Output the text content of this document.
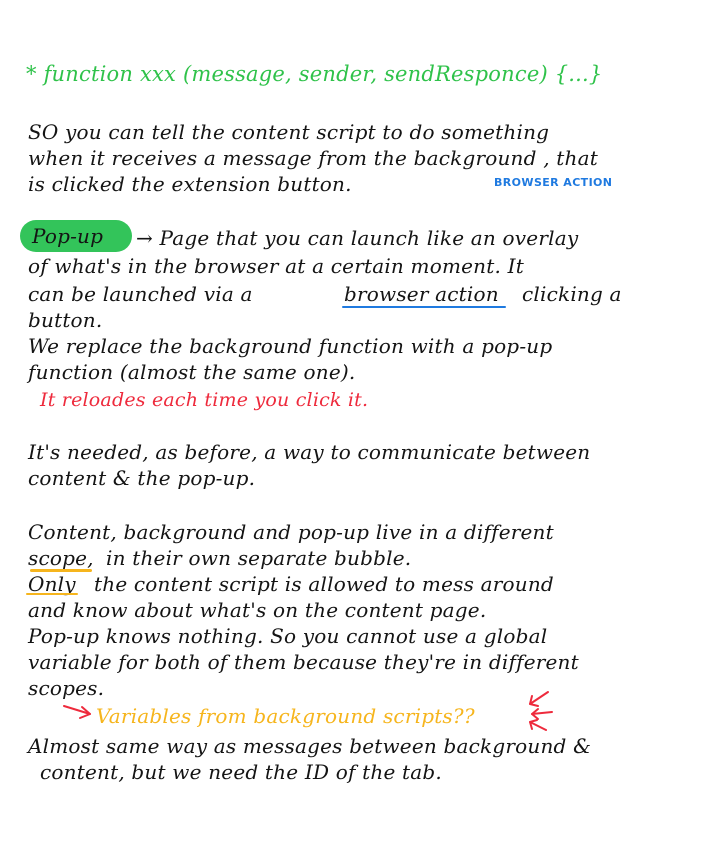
* function xxx (message, sender, sendResponce) {...}
SO you can tell the content script to do something
when it receives a message from the background , that
is clicked the extension button.	BROWSER ACTION
Pop-up → Page that you can launch like an overlay
of what's in the browser at a certain moment. It
can be launched via a	browser action clicking a
button.
We replace the background function with a pop-up
function (almost the same one).
It reloades each time you click it.
It's needed, as before, a way to communicate between
content & the pop-up.
Content, background and pop-up live in a different
scope, in their own separate bubble.
Only the content script is allowed to mess around
and know about what's on the content page.
Pop-up knows nothing. So you cannot use a global
variable for both of them because they're in different
scopes.
Variables from background scripts??
Almost same way as messages between background &
content, but we need the ID of the tab.
